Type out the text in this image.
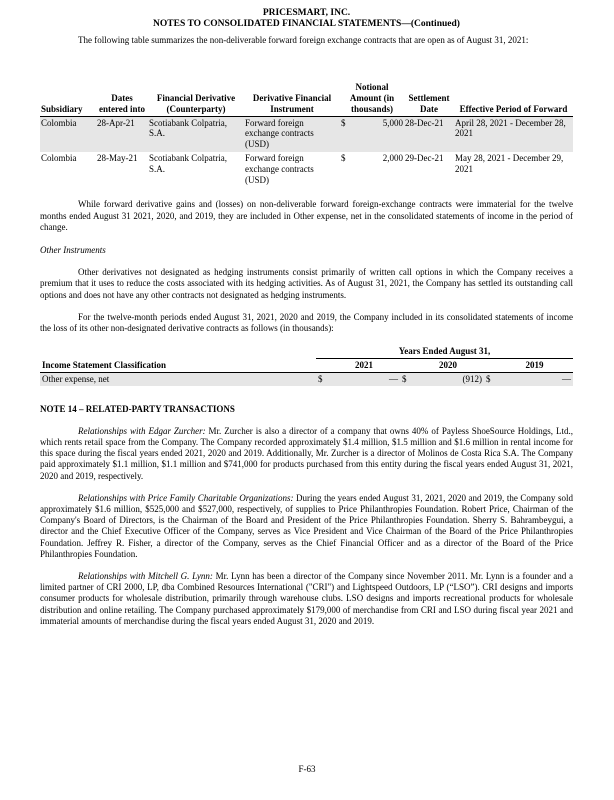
PRICESMART, INC.
NOTES TO CONSOLIDATED FINANCIAL STATEMENTS—(Continued)

The following table summarizes the non-deliverable forward foreign exchange contracts that are open as of August 31, 2021:

Subsidiary	Dates entered into	Financial Derivative (Counterparty)	Derivative Financial Instrument	Notional Amount (in thousands)	Settlement Date	Effective Period of Forward
Colombia	28-Apr-21	Scotiabank Colpatria, S.A.	Forward foreign exchange contracts (USD)	$ 5,000	28-Dec-21	April 28, 2021 - December 28, 2021
Colombia	28-May-21	Scotiabank Colpatria, S.A.	Forward foreign exchange contracts (USD)	$ 2,000	29-Dec-21	May 28, 2021 - December 29, 2021

While forward derivative gains and (losses) on non-deliverable forward foreign-exchange contracts were immaterial for the twelve months ended August 31 2021, 2020, and 2019, they are included in Other expense, net in the consolidated statements of income in the period of change.

Other Instruments

Other derivatives not designated as hedging instruments consist primarily of written call options in which the Company receives a premium that it uses to reduce the costs associated with its hedging activities. As of August 31, 2021, the Company has settled its outstanding call options and does not have any other contracts not designated as hedging instruments.

For the twelve-month periods ended August 31, 2021, 2020 and 2019, the Company included in its consolidated statements of income the loss of its other non-designated derivative contracts as follows (in thousands):

	Years Ended August 31,					
Income Statement Classification		2021		2020		2019
Other expense, net	$	—	$	(912)	$	—
NOTE 14 – RELATED-PARTY TRANSACTIONS

Relationships with Edgar Zurcher: Mr. Zurcher is also a director of a company that owns 40% of Payless ShoeSource Holdings, Ltd., which rents retail space from the Company. The Company recorded approximately $1.4 million, $1.5 million and $1.6 million in rental income for this space during the fiscal years ended 2021, 2020 and 2019. Additionally, Mr. Zurcher is a director of Molinos de Costa Rica S.A. The Company paid approximately $1.1 million, $1.1 million and $741,000 for products purchased from this entity during the fiscal years ended August 31, 2021, 2020 and 2019, respectively.

Relationships with Price Family Charitable Organizations: During the years ended August 31, 2021, 2020 and 2019, the Company sold approximately $1.6 million, $525,000 and $527,000, respectively, of supplies to Price Philanthropies Foundation. Robert Price, Chairman of the Company's Board of Directors, is the Chairman of the Board and President of the Price Philanthropies Foundation. Sherry S. Bahrambeygui, a director and the Chief Executive Officer of the Company, serves as Vice President and Vice Chairman of the Board of the Price Philanthropies Foundation. Jeffrey R. Fisher, a director of the Company, serves as the Chief Financial Officer and as a director of the Board of the Price Philanthropies Foundation.

Relationships with Mitchell G. Lynn: Mr. Lynn has been a director of the Company since November 2011. Mr. Lynn is a founder and a limited partner of CRI 2000, LP, dba Combined Resources International ("CRI") and Lightspeed Outdoors, LP (“LSO”). CRI designs and imports consumer products for wholesale distribution, primarily through warehouse clubs. LSO designs and imports recreational products for wholesale distribution and online retailing. The Company purchased approximately $179,000 of merchandise from CRI and LSO during fiscal year 2021 and immaterial amounts of merchandise during the fiscal years ended August 31, 2020 and 2019.

F-63
